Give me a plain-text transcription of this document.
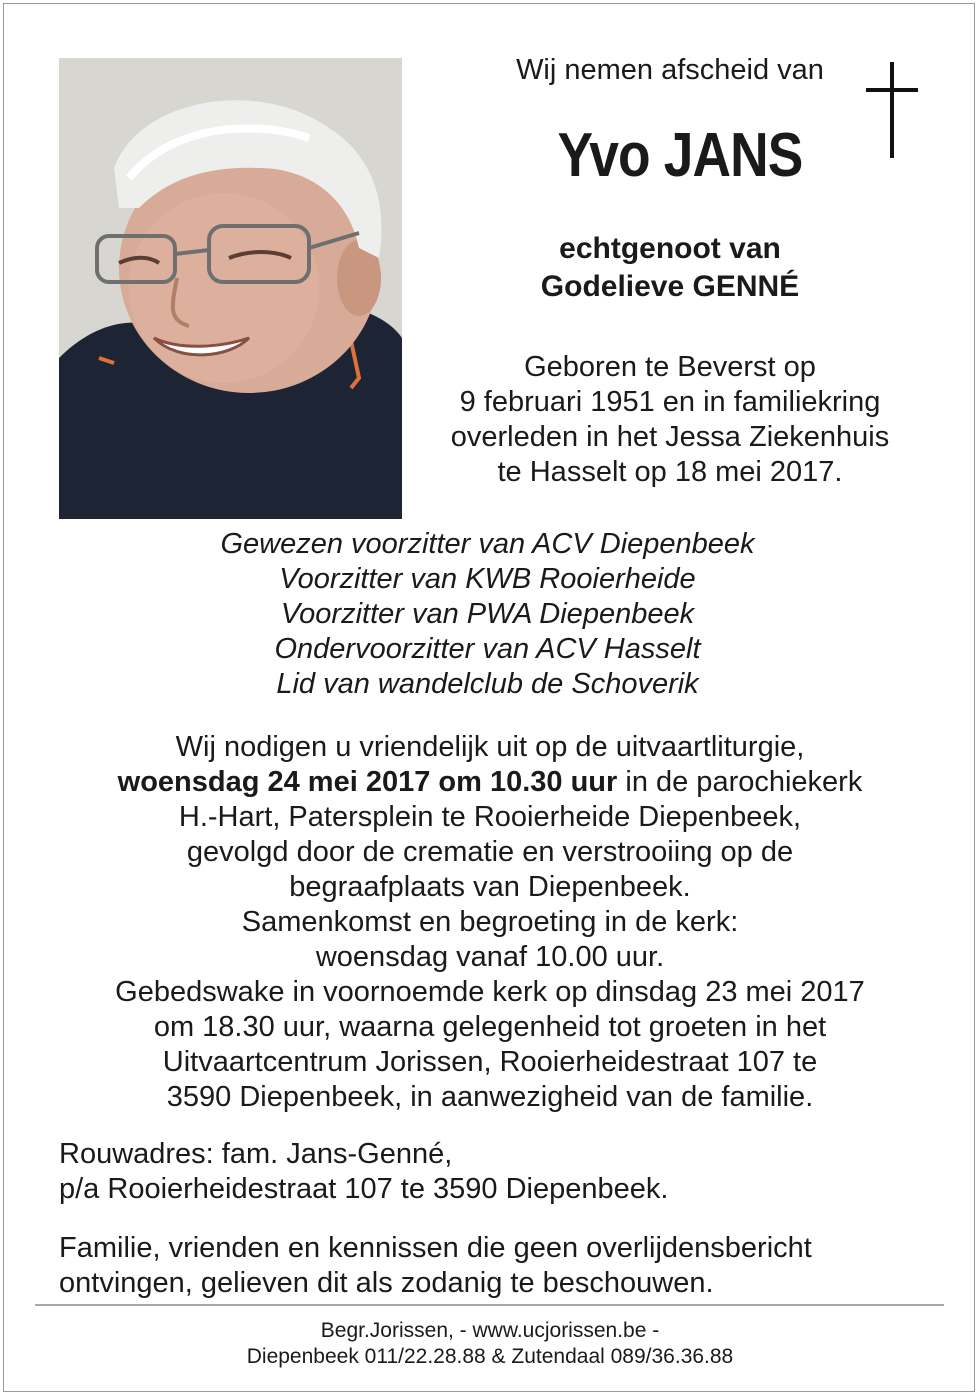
Wij nemen afscheid van
Yvo JANS
echtgenoot van
Godelieve GENNÉ
Geboren te Beverst op
9 februari 1951 en in familiekring
overleden in het Jessa Ziekenhuis
te Hasselt op 18 mei 2017.
Gewezen voorzitter van ACV Diepenbeek
Voorzitter van KWB Rooierheide
Voorzitter van PWA Diepenbeek
Ondervoorzitter van ACV Hasselt
Lid van wandelclub de Schoverik
Wij nodigen u vriendelijk uit op de uitvaartliturgie,
woensdag 24 mei 2017 om 10.30 uur in de parochiekerk
H.-Hart, Patersplein te Rooierheide Diepenbeek,
gevolgd door de crematie en verstrooiing op de
begraafplaats van Diepenbeek.
Samenkomst en begroeting in de kerk:
woensdag vanaf 10.00 uur.
Gebedswake in voornoemde kerk op dinsdag 23 mei 2017
om 18.30 uur, waarna gelegenheid tot groeten in het
Uitvaartcentrum Jorissen, Rooierheidestraat 107 te
3590 Diepenbeek, in aanwezigheid van de familie.
Rouwadres: fam. Jans-Genné,
p/a Rooierheidestraat 107 te 3590 Diepenbeek.
Familie, vrienden en kennissen die geen overlijdensbericht
ontvingen, gelieven dit als zodanig te beschouwen.
Begr.Jorissen, - www.ucjorissen.be -
Diepenbeek 011/22.28.88 & Zutendaal 089/36.36.88
